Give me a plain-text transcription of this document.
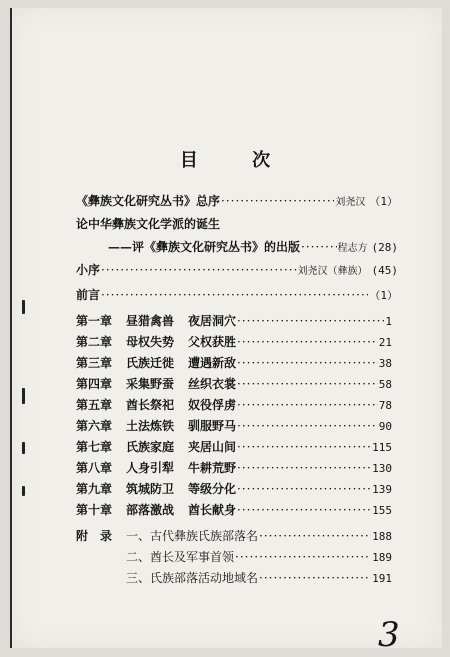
目 次
《彝族文化研究丛书》总序 ·····	刘尧汉 （1）
论中华彝族文化学派的诞生
——评《彝族文化研究丛书》的出版 ·····	程志方 (28)
小序 ·····	刘尧汉（彝族） (45)
前言 ·····	（1）
第一章	昼猎禽兽	夜居洞穴 ·····	1
第二章	母权失势	父权获胜 ·····	21
第三章	氏族迁徙	遭遇新敌 ·····	38
第四章	采集野蚕	丝织衣裳 ·····	58
第五章	酋长祭祀	奴役俘虏 ·····	78
第六章	土法炼铁	驯服野马 ·····	90
第七章	氏族家庭	夹居山间 ·····	115
第八章	人身引犁	牛耕荒野 ·····	130
第九章	筑城防卫	等级分化 ·····	139
第十章	部落激战	酋长献身 ·····	155
附　录	一、古代彝族氏族部落名 ·····	188
二、酋长及军事首领 ·····	189
三、氏族部落活动地域名 ·····	191
3
